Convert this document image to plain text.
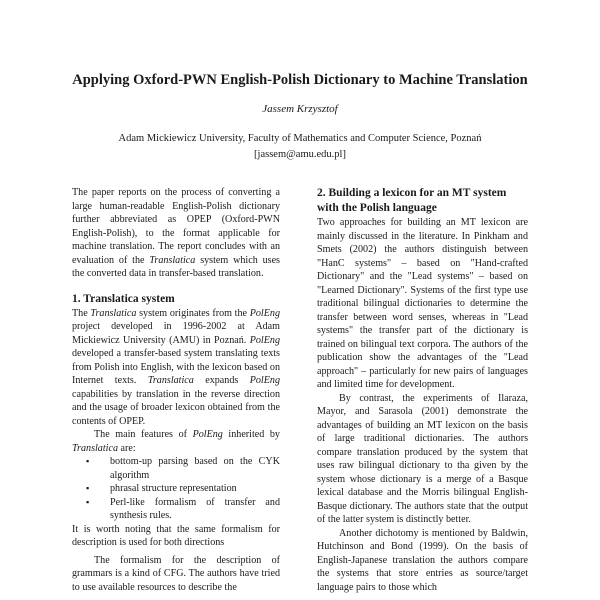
Applying Oxford-PWN English-Polish Dictionary to Machine Translation

Jassem Krzysztof
Adam Mickiewicz University, Faculty of Mathematics and Computer Science, Poznań
[jassem@amu.edu.pl]

The paper reports on the process of converting a large human-readable English-Polish dictionary further abbreviated as OPEP (Oxford-PWN English-Polish), to the format applicable for machine translation. The report concludes with an evaluation of the Translatica system which uses the converted data in transfer-based translation.

1. Translatica system

The Translatica system originates from the PolEng project developed in 1996-2002 at Adam Mickiewicz University (AMU) in Poznań. PolEng developed a transfer-based system translating texts from Polish into English, with the lexicon based on Internet texts. Translatica expands PolEng capabilities by translation in the reverse direction and the usage of broader lexicon obtained from the contents of OPEP.

The main features of PolEng inherited by Translatica are:

▪ bottom-up parsing based on the CYK algorithm
▪ phrasal structure representation
▪ Perl-like formalism of transfer and synthesis rules.

It is worth noting that the same formalism for description is used for both directions

The formalism for the description of grammars is a kind of CFG. The authors have tried to use available resources to describe the

2. Building a lexicon for an MT system with the Polish language

Two approaches for building an MT lexicon are mainly discussed in the literature. In Pinkham and Smets (2002) the authors distinguish between "HanC systems" – based on "Hand-crafted Dictionary" and the "Lead systems" – based on "Learned Dictionary". Systems of the first type use traditional bilingual dictionaries to determine the transfer between word senses, whereas in "Lead systems" the transfer part of the dictionary is trained on bilingual text corpora. The authors of the publication show the advantages of the "Lead approach" – particularly for new pairs of languages and limited time for development.

By contrast, the experiments of Ilaraza, Mayor, and Sarasola (2001) demonstrate the advantages of building an MT lexicon on the basis of large traditional dictionaries. The authors compare translation produced by the system that uses raw bilingual dictionary to tha given by the system whose dictionary is a merge of a Basque lexical database and the Morris bilingual English-Basque dictionary. The authors state that the output of the latter system is distinctly better.

Another dichotomy is mentioned by Baldwin, Hutchinson and Bond (1999). On the basis of English-Japanese translation the authors compare the systems that store entries as source/target language pairs to those which
